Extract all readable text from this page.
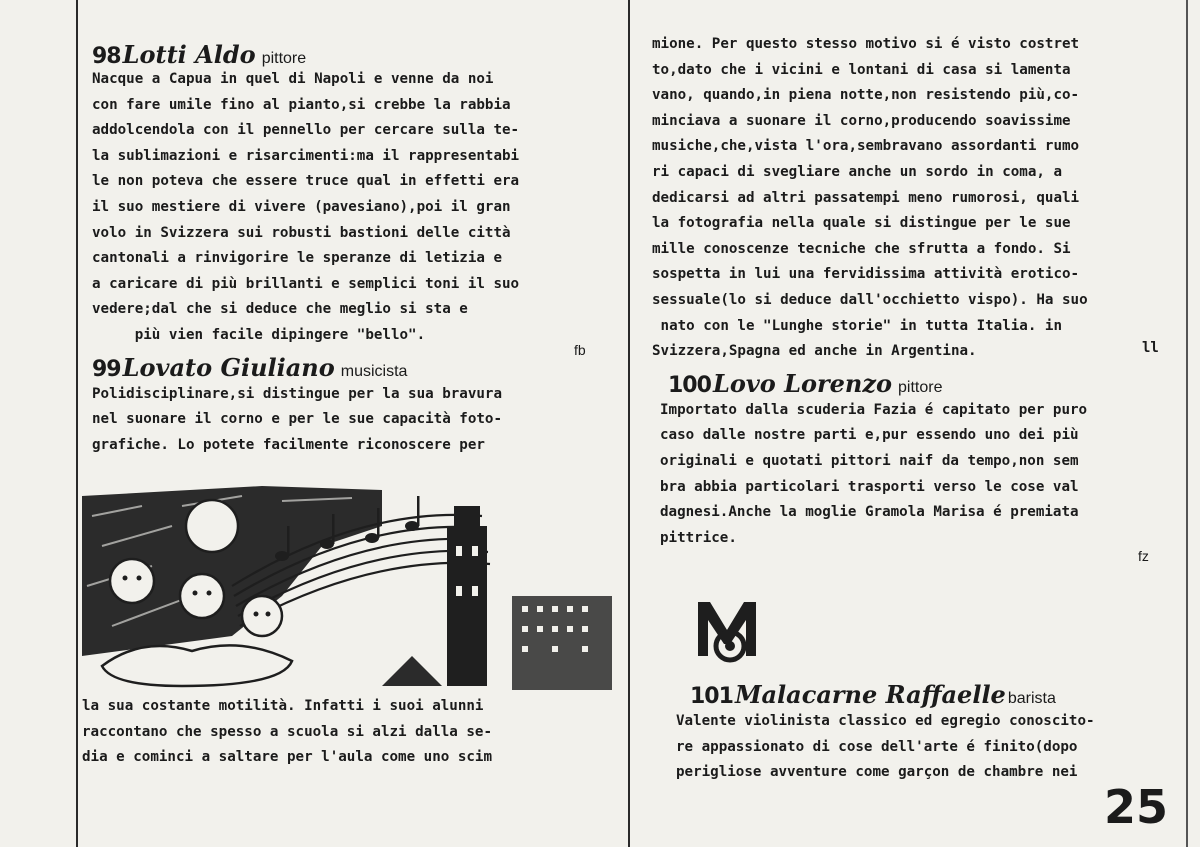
98 Lotti Aldo pittore
Nacque a Capua in quel di Napoli e venne da noi
con fare umile fino al pianto,si crebbe la rabbia
addolcendola con il pennello per cercare sulla te-
la sublimazioni e risarcimenti:ma il rappresentabi
le non poteva che essere truce qual in effetti era
il suo mestiere di vivere (pavesiano),poi il gran
volo in Svizzera sui robusti bastioni delle città
cantonali a rinvigorire le speranze di letizia e
a caricare di più brillanti e semplici toni il suo
vedere;dal che si deduce che meglio si sta e
più vien facile dipingere "bello".
99 Lovato Giuliano musicista
Polidisciplinare,si distingue per la sua bravura
nel suonare il corno e per le sue capacità foto-
grafiche. Lo potete facilmente riconoscere per
fb
la sua costante motilità. Infatti i suoi alunni
raccontano che spesso a scuola si alzi dalla se-
dia e cominci a saltare per l'aula come uno scim
mione. Per questo stesso motivo si é visto costret
to,dato che i vicini e lontani di casa si lamenta
vano, quando,in piena notte,non resistendo più,co-
minciava a suonare il corno,producendo soavissime
musiche,che,vista l'ora,sembravano assordanti rumo
ri capaci di svegliare anche un sordo in coma, a
dedicarsi ad altri passatempi meno rumorosi, quali
la fotografia nella quale si distingue per le sue
mille conoscenze tecniche che sfrutta a fondo. Si
sospetta in lui una fervidissima attività erotico-
sessuale(lo si deduce dall'occhietto vispo). Ha suo
nato con le "Lunghe storie" in tutta Italia. in
Svizzera,Spagna ed anche in Argentina.
100 Lovo Lorenzo pittore
Importato dalla scuderia Fazia é capitato per puro
caso dalle nostre parti e,pur essendo uno dei più
originali e quotati pittori naif da tempo,non sem
bra abbia particolari trasporti verso le cose val
dagnesi.Anche la moglie Gramola Marisa é premiata
pittrice.
ll
fz
M
101 Malacarne Raffaelle barista
Valente violinista classico ed egregio conoscito-
re appassionato di cose dell'arte é finito(dopo
perigliose avventure come garçon de chambre nei
25
